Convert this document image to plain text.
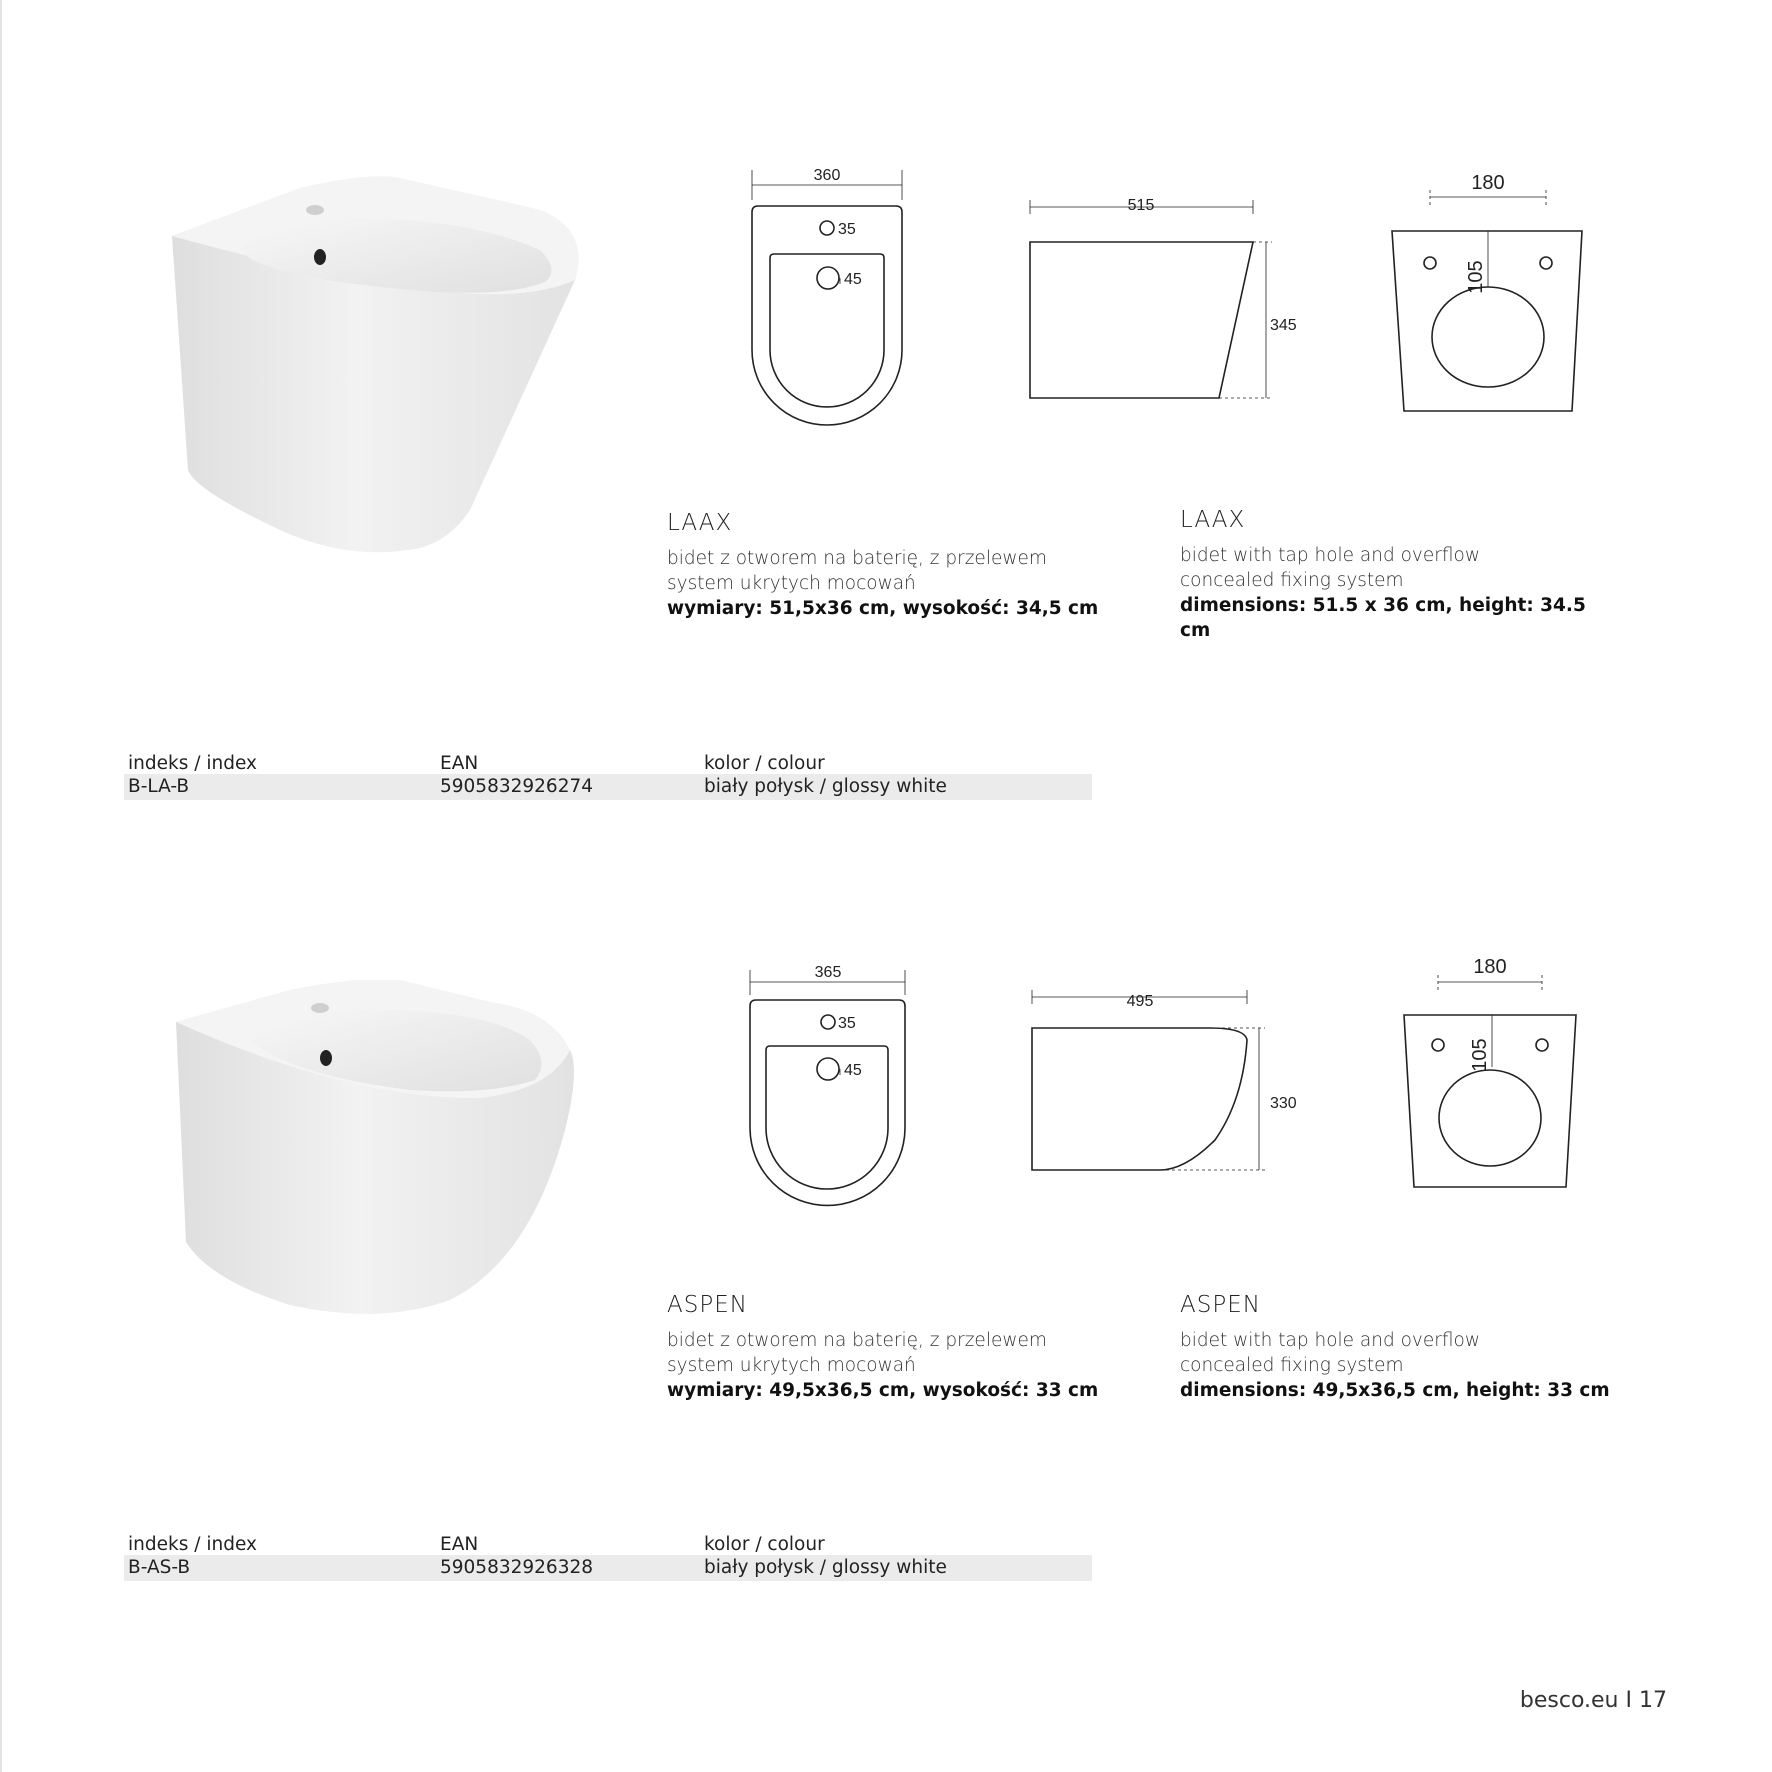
360
35
45
515
345
180
105
LAAX
bidet z otworem na baterię, z przelewem
system ukrytych mocowań
wymiary: 51,5x36 cm, wysokość: 34,5 cm
LAAX
bidet with tap hole and overflow
concealed fixing system
dimensions: 51.5 x 36 cm, height: 34.5 cm
indeks / index	EAN	kolor / colour
B-LA-B	5905832926274	biały połysk / glossy white
365
35
45
495
330
180
105
ASPEN
bidet z otworem na baterię, z przelewem
system ukrytych mocowań
wymiary: 49,5x36,5 cm, wysokość: 33 cm
ASPEN
bidet with tap hole and overflow
concealed fixing system
dimensions: 49,5x36,5 cm, height: 33 cm
indeks / index	EAN	kolor / colour
B-AS-B	5905832926328	biały połysk / glossy white
besco.eu I 17
